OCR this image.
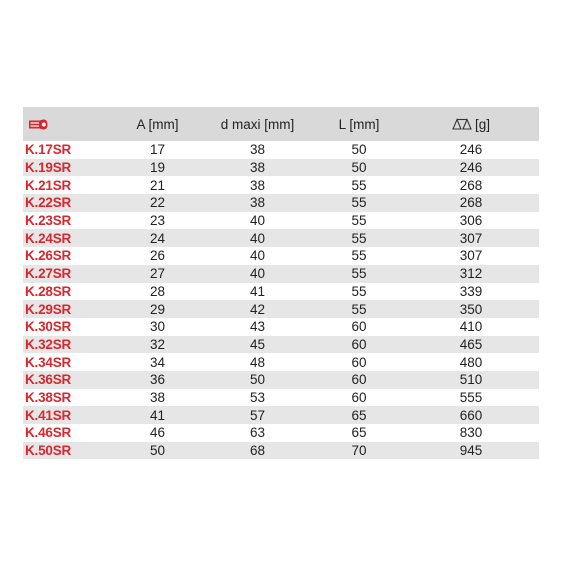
	A [mm]	d maxi [mm]	L [mm]	[g]
K.17SR	17	38	50	246
K.19SR	19	38	50	246
K.21SR	21	38	55	268
K.22SR	22	38	55	268
K.23SR	23	40	55	306
K.24SR	24	40	55	307
K.26SR	26	40	55	307
K.27SR	27	40	55	312
K.28SR	28	41	55	339
K.29SR	29	42	55	350
K.30SR	30	43	60	410
K.32SR	32	45	60	465
K.34SR	34	48	60	480
K.36SR	36	50	60	510
K.38SR	38	53	60	555
K.41SR	41	57	65	660
K.46SR	46	63	65	830
K.50SR	50	68	70	945
